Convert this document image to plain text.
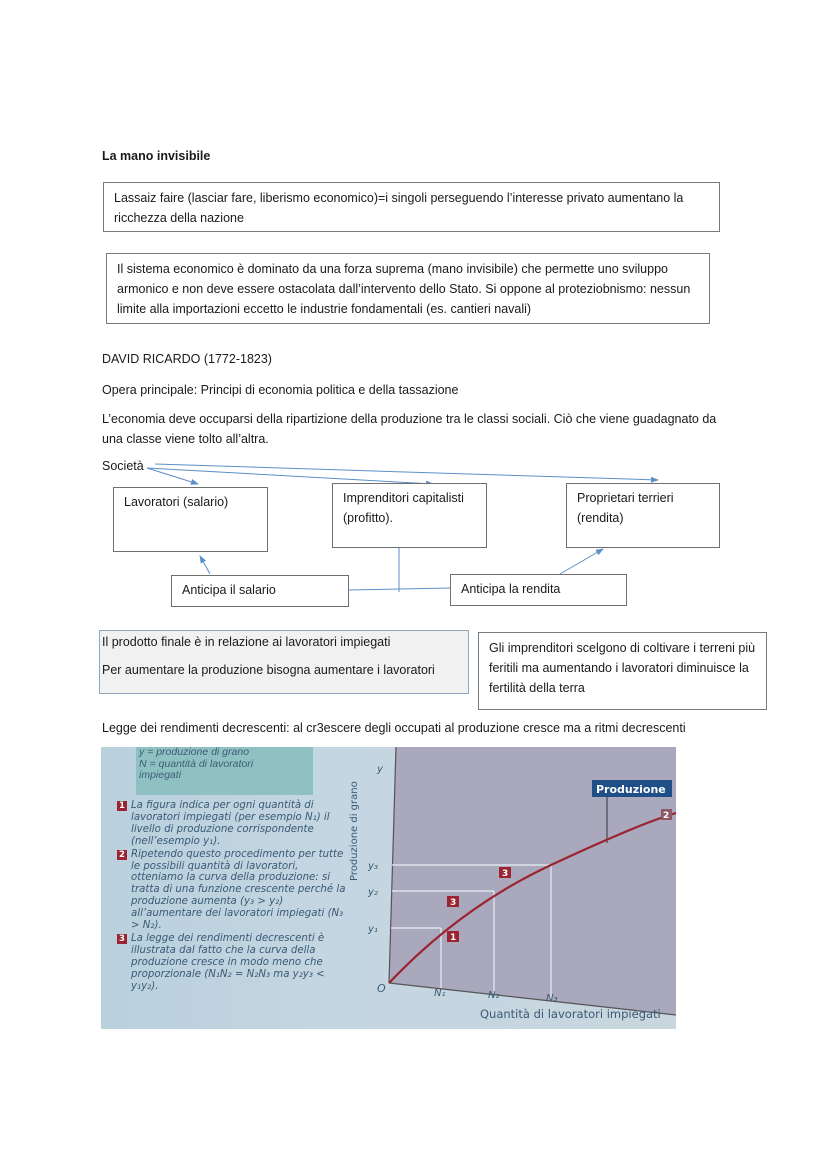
La mano invisibile
Lassaiz faire (lasciar fare, liberismo economico)=i singoli perseguendo l’interesse privato aumentano la ricchezza della nazione
Il sistema economico è dominato da una forza suprema (mano invisibile) che permette uno sviluppo armonico e non deve essere ostacolata dall’intervento dello Stato. Si oppone al proteziobnismo: nessun limite alla importazioni eccetto le industrie fondamentali (es. cantieri navali)
DAVID RICARDO (1772-1823)
Opera principale: Principi di economia politica e della tassazione
L’economia deve occuparsi della ripartizione della produzione tra le classi sociali. Ciò che viene guadagnato da una classe viene tolto all’altra.
Società
Lavoratori (salario)	Imprenditori capitalisti
(profitto).
Proprietari terrieri
(rendita)
Anticipa il salario	Anticipa la rendita

Il prodotto finale è in relazione ai lavoratori impiegati

Per aumentare la produzione bisogna aumentare i lavoratori

Gli imprenditori scelgono di coltivare i terreni più feritili ma aumentando i lavoratori diminuisce la fertilità della terra
Legge dei rendimenti decrescenti: al cr3escere degli occupati al produzione cresce ma a ritmi decrescenti
y = produzione di grano
N = quantità di lavoratori
impiegati
1 La figura indica per ogni quantità di lavoratori impiegati (per esempio N₁) il livello di produzione corrispondente (nell’esempio y₁).
2 Ripetendo questo procedimento per tutte le possibili quantità di lavoratori, otteniamo la curva della produzione: si tratta di una funzione crescente perché la produzione aumenta (y₃ > y₂) all’aumentare dei lavoratori impiegati (N₃ > N₂).
3 La legge dei rendimenti decrescenti è illustrata dal fatto che la curva della produzione cresce in modo meno che proporzionale (N₁N₂ = N₂N₃ ma y₂y₃ < y₁y₂).
y
y₃
y₂
y₁
O	N₁	N₂	N₃
Produzione di grano
Quantità di lavoratori impiegati
Produzione
2
3
3
1
